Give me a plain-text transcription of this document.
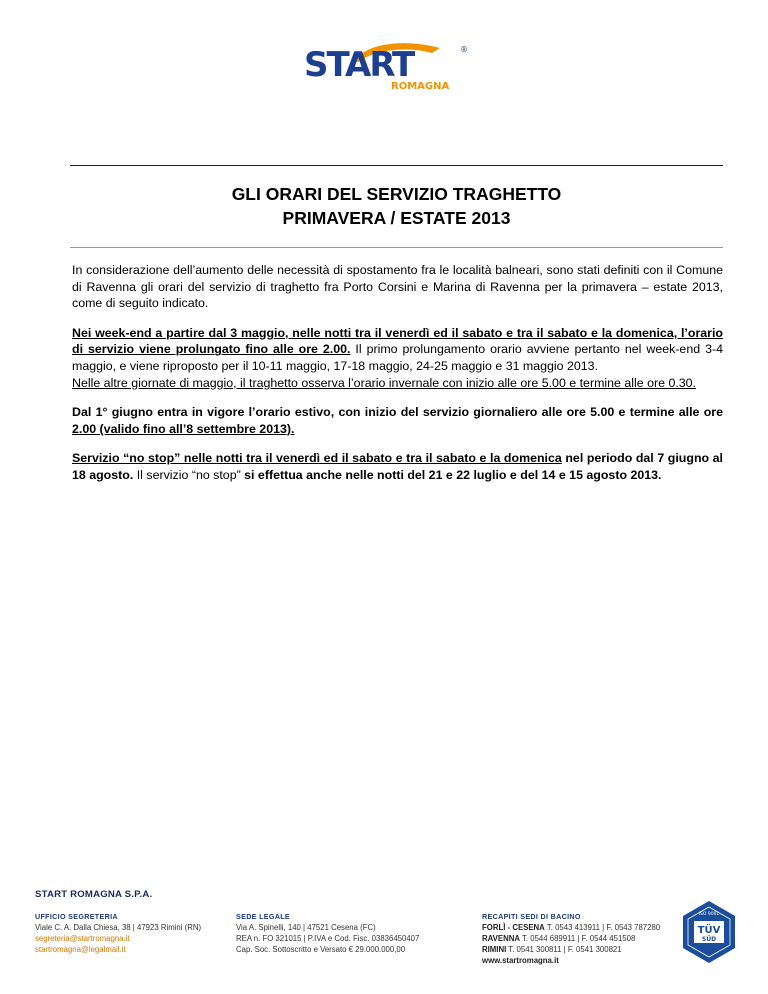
START	®
ROMAGNA
GLI ORARI DEL SERVIZIO TRAGHETTO
PRIMAVERA / ESTATE 2013

In considerazione dell’aumento delle necessità di spostamento fra le località balneari, sono stati definiti con il Comune di Ravenna gli orari del servizio di traghetto fra Porto Corsini e Marina di Ravenna per la primavera – estate 2013, come di seguito indicato.

Nei week-end a partire dal 3 maggio, nelle notti tra il venerdì ed il sabato e tra il sabato e la domenica, l’orario di servizio viene prolungato fino alle ore 2.00. Il primo prolungamento orario avviene pertanto nel week-end 3-4 maggio, e viene riproposto per il 10-11 maggio, 17-18 maggio, 24-25 maggio e 31 maggio 2013.
Nelle altre giornate di maggio, il traghetto osserva l’orario invernale con inizio alle ore 5.00 e termine alle ore 0.30.

Dal 1° giugno entra in vigore l’orario estivo, con inizio del servizio giornaliero alle ore 5.00 e termine alle ore 2.00 (valido fino all’8 settembre 2013).

Servizio “no stop” nelle notti tra il venerdì ed il sabato e tra il sabato e la domenica nel periodo dal 7 giugno al 18 agosto. Il servizio “no stop” si effettua anche nelle notti del 21 e 22 luglio e del 14 e 15 agosto 2013.

START ROMAGNA S.P.A.
UFFICIO SEGRETERIA
Viale C. A. Dalla Chiesa, 38 | 47923 Rimini (RN)
segreteria@startromagna.it
startromagna@legalmail.it
SEDE LEGALE
Via A. Spinelli, 140 | 47521 Cesena (FC)
REA n. FO 321015 | P.IVA e Cod. Fisc. 03836450407
Cap. Soc. Sottoscritto e Versato € 29.000.000,00
RECAPITI SEDI DI BACINO
FORLÌ - CESENA T. 0543 413911 | F. 0543 787280
RAVENNA T. 0544 689911 | F. 0544 451508
RIMINI T. 0541 300811 | F. 0541 300821
www.startromagna.it
ISO 9001
TÜV
SÜD
